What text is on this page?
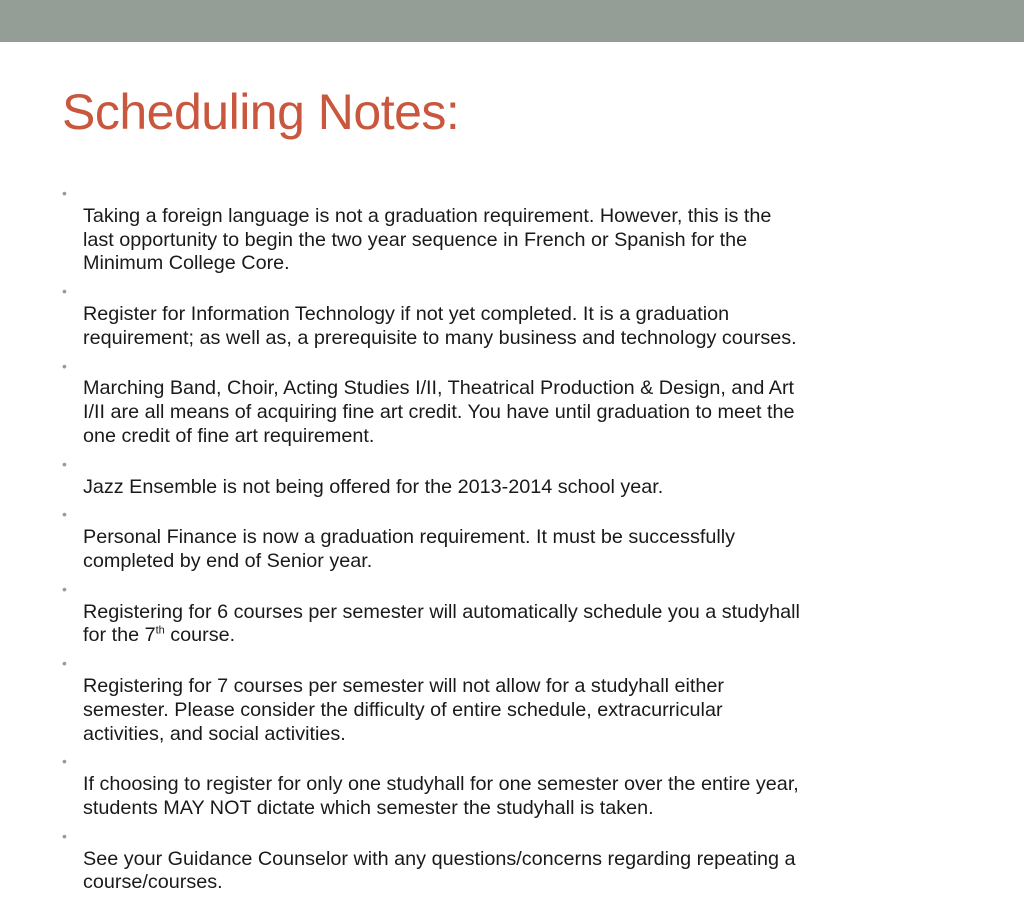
Scheduling Notes:

•
Taking a foreign language is not a graduation requirement. However, this is the
last opportunity to begin the two year sequence in French or Spanish for the
Minimum College Core.

•
Register for Information Technology if not yet completed. It is a graduation
requirement; as well as, a prerequisite to many business and technology courses.

•
Marching Band, Choir, Acting Studies I/II, Theatrical Production & Design, and Art
I/II are all means of acquiring fine art credit. You have until graduation to meet the
one credit of fine art requirement.

•
Jazz Ensemble is not being offered for the 2013-2014 school year.

•
Personal Finance is now a graduation requirement. It must be successfully
completed by end of Senior year.

•
Registering for 6 courses per semester will automatically schedule you a studyhall
for the 7th course.

•
Registering for 7 courses per semester will not allow for a studyhall either
semester. Please consider the difficulty of entire schedule, extracurricular
activities, and social activities.

•
If choosing to register for only one studyhall for one semester over the entire year,
students MAY NOT dictate which semester the studyhall is taken.

•
See your Guidance Counselor with any questions/concerns regarding repeating a
course/courses.
